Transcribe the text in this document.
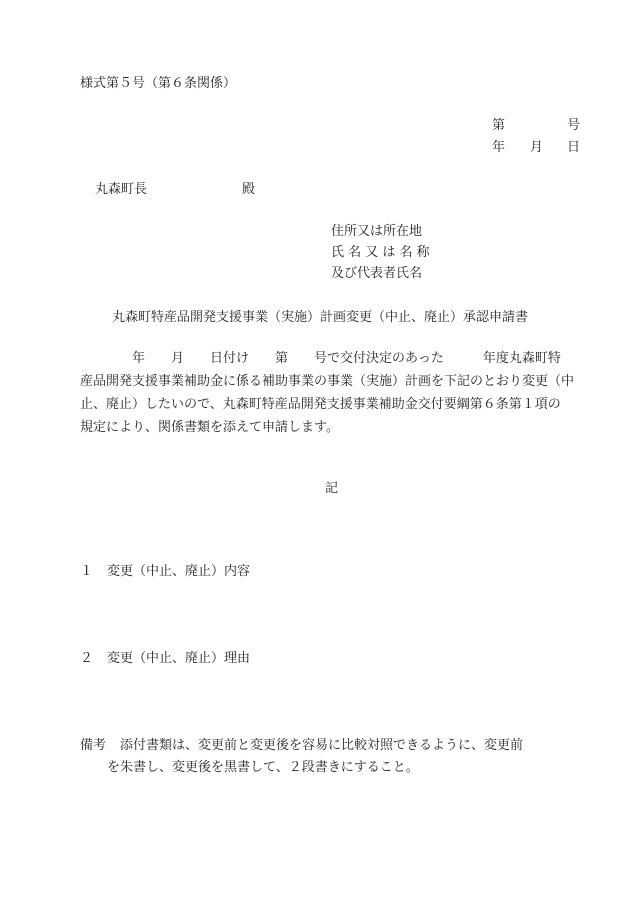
様式第５号（第６条関係）
第	号
年 月 日
丸森町長	殿
住所又は所在地
氏 名 又 は 名 称
及び代表者氏名
丸森町特産品開発支援事業（実施）計画変更（中止、廃止）承認申請書

　　　　年　　月　　日付け　　第　　号で交付決定のあった　　　年度丸森町特

産品開発支援事業補助金に係る補助事業の事業（実施）計画を下記のとおり変更（中

止、廃止）したいので、丸森町特産品開発支援事業補助金交付要綱第６条第１項の

規定により、関係書類を添えて申請します。

記
１ 変更（中止、廃止）内容
２ 変更（中止、廃止）理由
備考 添付書類は、変更前と変更後を容易に比較対照できるように、変更前
を朱書し、変更後を黒書して、２段書きにすること。
